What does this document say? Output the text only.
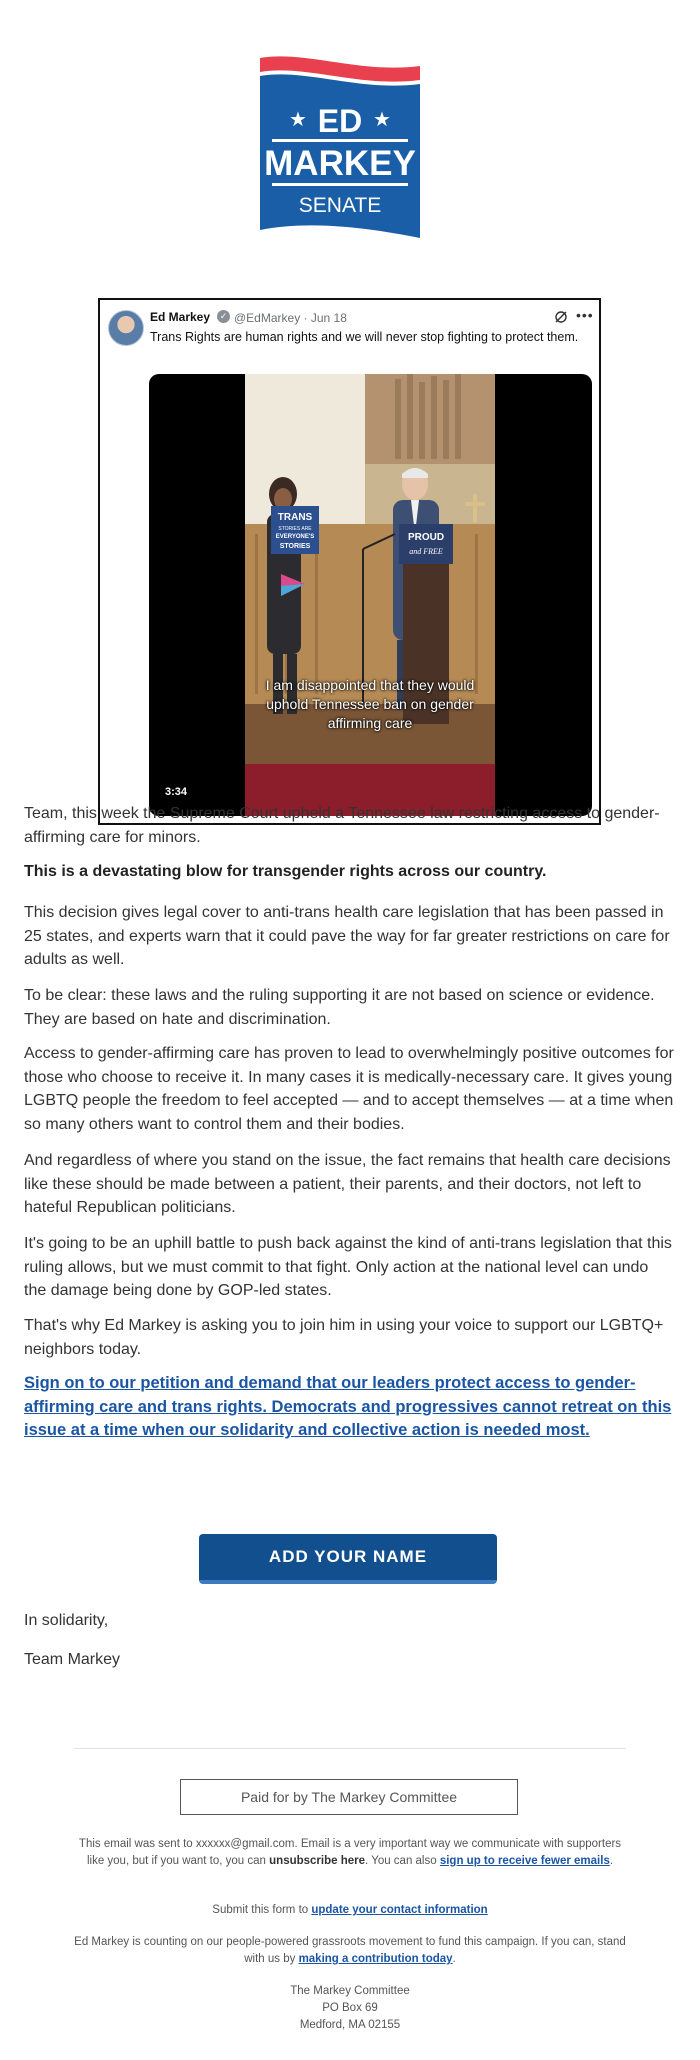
★	★
ED
MARKEY
SENATE
Ed Markey	✓ @EdMarkey · Jun 18	•••
Trans Rights are human rights and we will never stop fighting to protect them.
TRANS
STORIES ARE
EVERYONE'S
STORIES
PROUD
and FREE
I am disappointed that they would uphold Tennessee ban on gender affirming care
3:34

Team, this week the Supreme Court upheld a Tennessee law restricting access to gender-affirming care for minors.

This is a devastating blow for transgender rights across our country.

This decision gives legal cover to anti-trans health care legislation that has been passed in 25 states, and experts warn that it could pave the way for far greater restrictions on care for adults as well.

To be clear: these laws and the ruling supporting it are not based on science or evidence. They are based on hate and discrimination.

Access to gender-affirming care has proven to lead to overwhelmingly positive outcomes for those who choose to receive it. In many cases it is medically-necessary care. It gives young LGBTQ people the freedom to feel accepted — and to accept themselves — at a time when so many others want to control them and their bodies.

And regardless of where you stand on the issue, the fact remains that health care decisions like these should be made between a patient, their parents, and their doctors, not left to hateful Republican politicians.

It's going to be an uphill battle to push back against the kind of anti-trans legislation that this ruling allows, but we must commit to that fight. Only action at the national level can undo the damage being done by GOP-led states.

That's why Ed Markey is asking you to join him in using your voice to support our LGBTQ+ neighbors today.

Sign on to our petition and demand that our leaders protect access to gender-affirming care and trans rights. Democrats and progressives cannot retreat on this issue at a time when our solidarity and collective action is needed most.
ADD YOUR NAME

In solidarity,

Team Markey

Paid for by The Markey Committee

This email was sent to xxxxxx@gmail.com. Email is a very important way we communicate with supporters like you, but if you want to, you can unsubscribe here. You can also sign up to receive fewer emails.

Submit this form to update your contact information

Ed Markey is counting on our people-powered grassroots movement to fund this campaign. If you can, stand with us by making a contribution today.

The Markey Committee

PO Box 69

Medford, MA 02155
